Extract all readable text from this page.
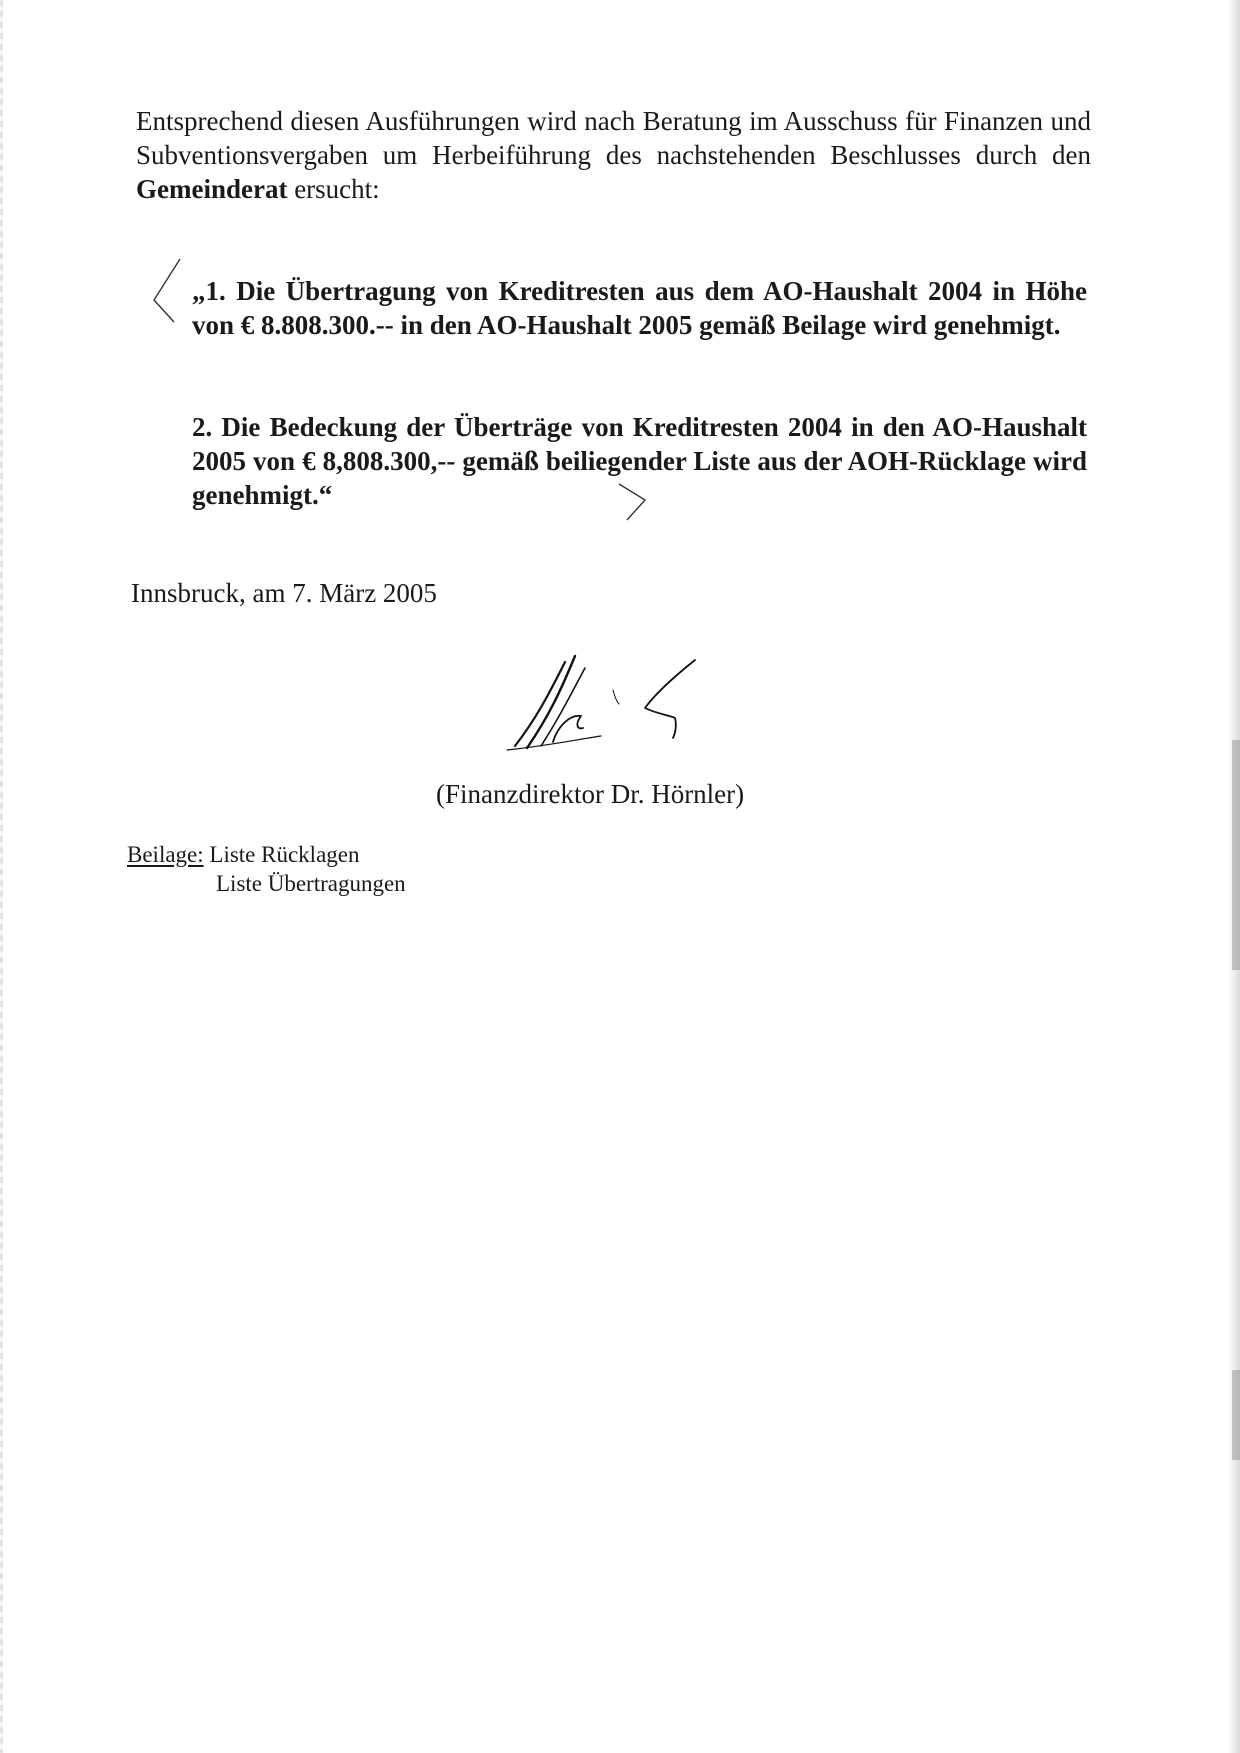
Entsprechend diesen Ausführungen wird nach Beratung im Ausschuss für Finanzen und Subventionsvergaben um Herbeiführung des nachstehenden Beschlusses durch den Gemeinderat ersucht:

„1. Die Übertragung von Kreditresten aus dem AO-Haushalt 2004 in Höhe von € 8.808.300.-- in den AO-Haushalt 2005 gemäß Beilage wird genehmigt.

2. Die Bedeckung der Überträge von Kreditresten 2004 in den AO-Haushalt 2005 von € 8,808.300,-- gemäß beiliegender Liste aus der AOH-Rücklage wird genehmigt.“

Innsbruck, am 7. März 2005
(Finanzdirektor Dr. Hörnler)
Beilage: Liste Rücklagen
Liste Übertragungen
